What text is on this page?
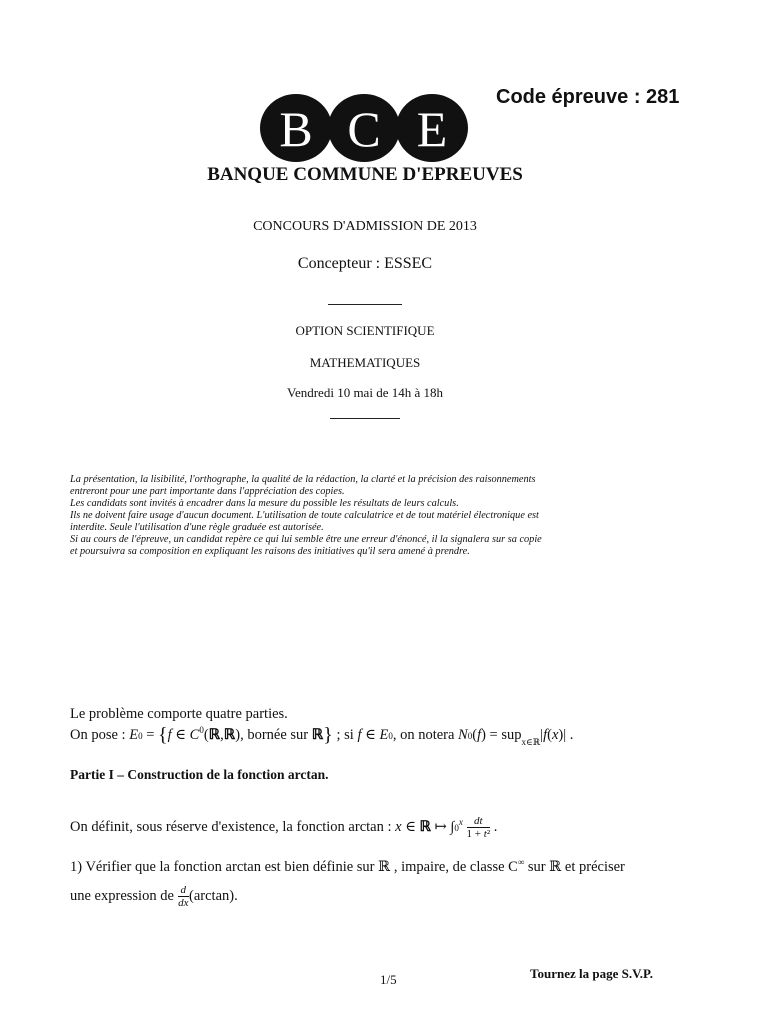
Code épreuve : 281
B C E
BANQUE COMMUNE D'EPREUVES
CONCOURS D'ADMISSION DE 2013
Concepteur : ESSEC
OPTION SCIENTIFIQUE
MATHEMATIQUES
Vendredi 10 mai de 14h à 18h
La présentation, la lisibilité, l'orthographe, la qualité de la rédaction, la clarté et la précision des raisonnements
entreront pour une part importante dans l'appréciation des copies.
Les candidats sont invités à encadrer dans la mesure du possible les résultats de leurs calculs.
Ils ne doivent faire usage d'aucun document. L'utilisation de toute calculatrice et de tout matériel électronique est
interdite. Seule l'utilisation d'une règle graduée est autorisée.
Si au cours de l'épreuve, un candidat repère ce qui lui semble être une erreur d'énoncé, il la signalera sur sa copie
et poursuivra sa composition en expliquant les raisons des initiatives qu'il sera amené à prendre.
Le problème comporte quatre parties.
On pose : E0 = {f ∈ $C^0(ℝ,ℝ)$, bornée sur ℝ} ; si f ∈ E0, on notera N0(f) = sup$_{x\in ℝ}$|f(x)| .
Partie I – Construction de la fonction arctan.
On définit, sous réserve d'existence, la fonction arctan : x ∈ ℝ ↦ $\int 0^x \frac{dt}{\text{1 + t²}}$ .
1) Vérifier que la fonction arctan est bien définie sur ℝ , impaire, de classe C∞ sur ℝ et préciser
une expression de $\frac{d}{dx} (\arctan)$.
1/5	Tournez la page S.V.P.
